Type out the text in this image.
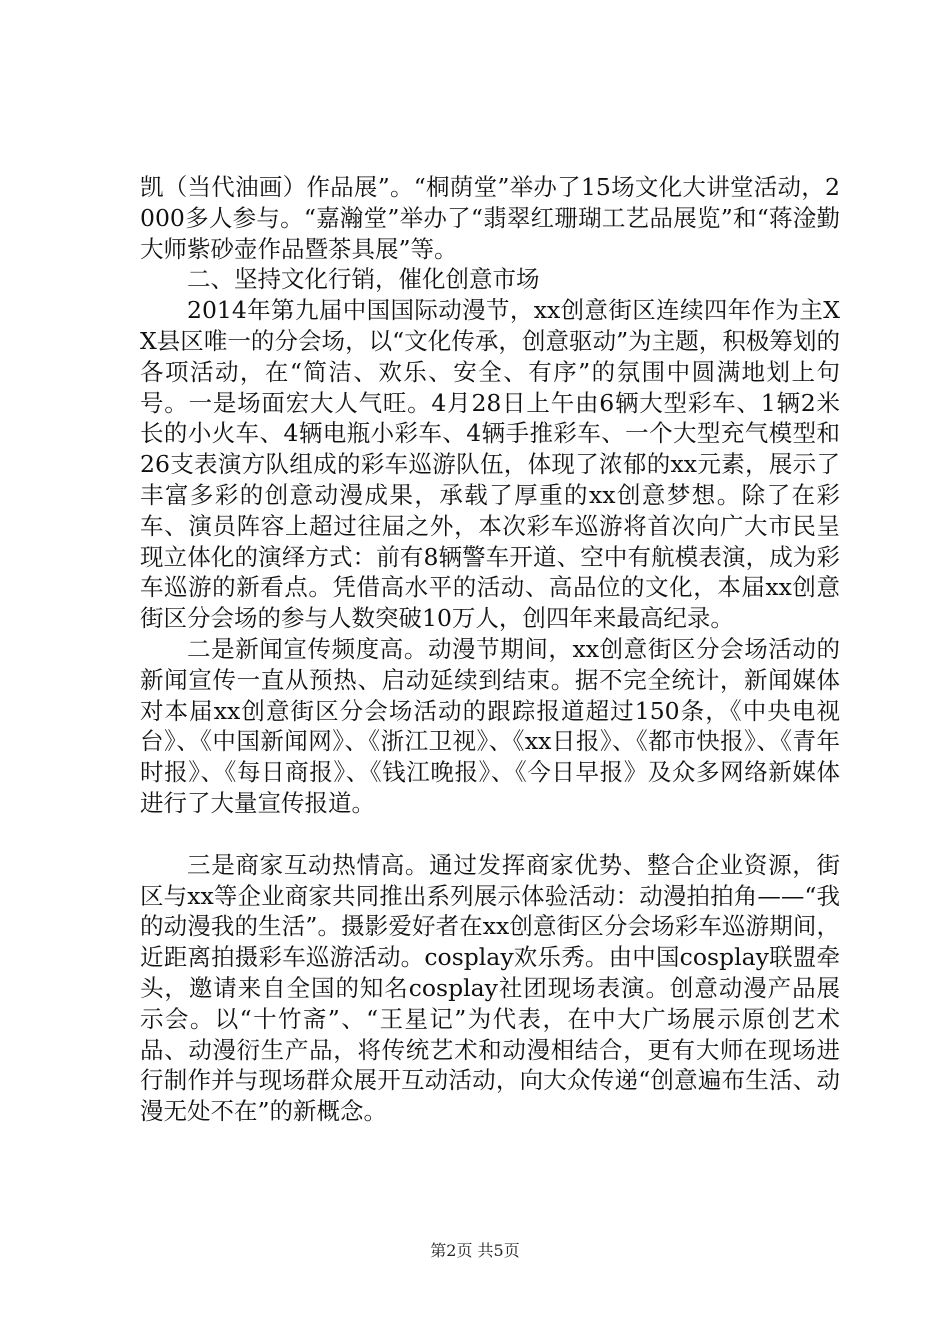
凯（当代油画）作品展”。“桐荫堂”举办了15场文化大讲堂活动，2000多人参与。“嘉瀚堂”举办了“翡翠红珊瑚工艺品展览”和“蒋淦勤大师紫砂壶作品暨茶具展”等。

二、坚持文化行销，催化创意市场

2014年第九届中国国际动漫节，xx创意街区连续四年作为主XX县区唯一的分会场，以“文化传承，创意驱动”为主题，积极筹划的各项活动，在“简洁、欢乐、安全、有序”的氛围中圆满地划上句号。一是场面宏大人气旺。4月28日上午由6辆大型彩车、1辆2米长的小火车、4辆电瓶小彩车、4辆手推彩车、一个大型充气模型和26支表演方队组成的彩车巡游队伍，体现了浓郁的xx元素，展示了丰富多彩的创意动漫成果，承载了厚重的xx创意梦想。除了在彩车、演员阵容上超过往届之外，本次彩车巡游将首次向广大市民呈现立体化的演绎方式：前有8辆警车开道、空中有航模表演，成为彩车巡游的新看点。凭借高水平的活动、高品位的文化，本届xx创意街区分会场的参与人数突破10万人，创四年来最高纪录。

二是新闻宣传频度高。动漫节期间，xx创意街区分会场活动的新闻宣传一直从预热、启动延续到结束。据不完全统计，新闻媒体对本届xx创意街区分会场活动的跟踪报道超过150条，《中央电视台》、《中国新闻网》、《浙江卫视》、《xx日报》、《都市快报》、《青年时报》、《每日商报》、《钱江晚报》、《今日早报》及众多网络新媒体进行了大量宣传报道。

三是商家互动热情高。通过发挥商家优势、整合企业资源，街区与xx等企业商家共同推出系列展示体验活动：动漫拍拍角——“我的动漫我的生活”。摄影爱好者在xx创意街区分会场彩车巡游期间，近距离拍摄彩车巡游活动。cosplay欢乐秀。由中国cosplay联盟牵头，邀请来自全国的知名cosplay社团现场表演。创意动漫产品展示会。以“十竹斋”、“王星记”为代表，在中大广场展示原创艺术品、动漫衍生产品，将传统艺术和动漫相结合，更有大师在现场进行制作并与现场群众展开互动活动，向大众传递“创意遍布生活、动漫无处不在”的新概念。

第2页 共5页
